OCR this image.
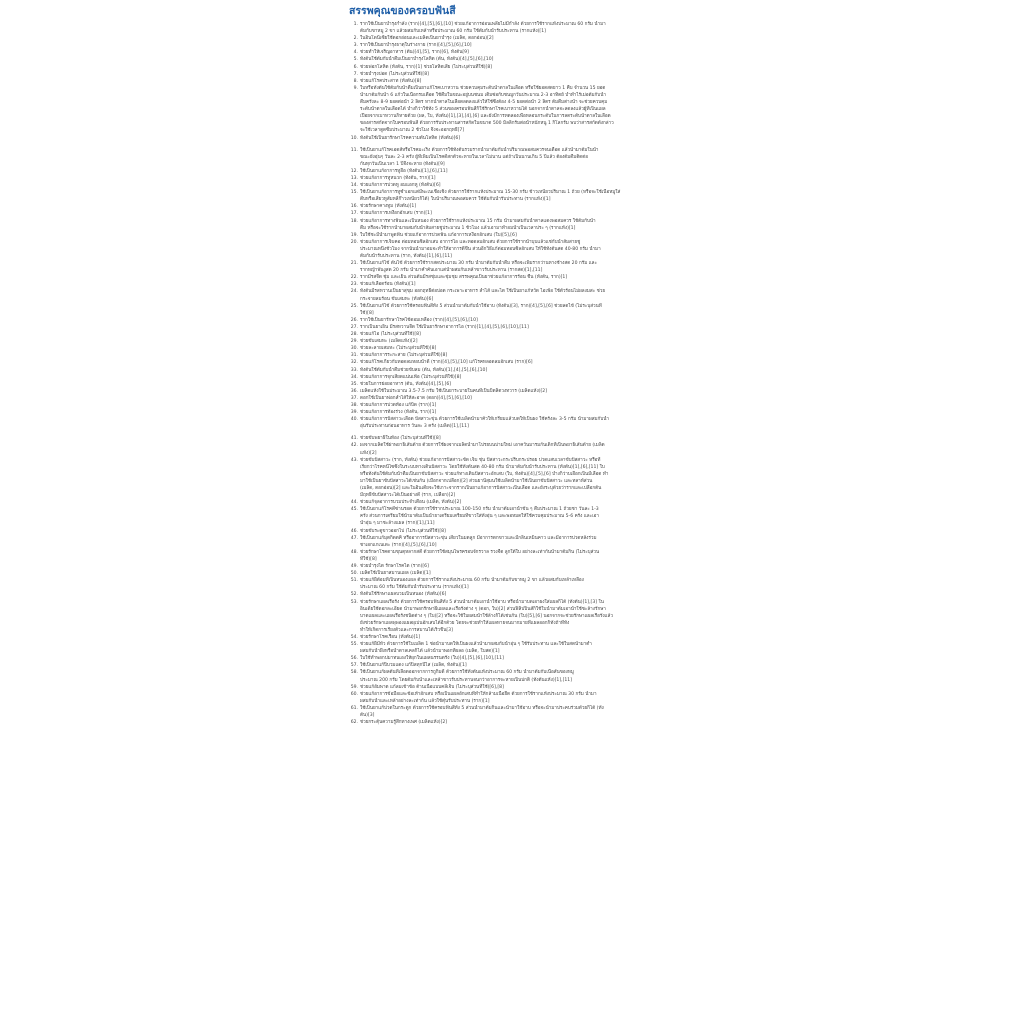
สรรพคุณของครอบฟันสี
1. รากใช้เป็นยาบำรุงกำลัง (ราก)[4],[5],[6],[10] ช่วยแก้อาการอ่อนเพลียไม่มีกำลัง ด้วยการใช้รากแห้งประมาณ 60 กรัม นำมา
ต้มกับขาหมู 2 ขา แล้วผสมกับเหล้าหรือประมาณ 60 กรัม ใช้ต้มกับน้ำรับประทาน (รากแห้ง)[1]
2. ในอินโดนีเซียใช้ดอกอ่อนและเมล็ดเป็นยาบำรุง (เมล็ด, ดอกอ่อน)[2]
3. รากใช้เป็นยาบำรุงธาตุในร่างกาย (ราก)[4],[5],[6],[10]
4. ช่วยทำให้เจริญอาหาร (ต้น)[4],[5], ราก)[6], ทั้งต้น[9]
5. ทั้งต้นใช้ต้มกับน้ำดื่มเป็นยาบำรุงโลหิต (ต้น, ทั้งต้น)[4],[5],[6],[10]
6. ช่วยฟอกโลหิต (ทั้งต้น, ราก)[1] ช่วยโลหิตเสีย (ไม่ระบุส่วนที่ใช้)[8]
7. ช่วยบำรุงปอด (ไม่ระบุส่วนที่ใช้)[8]
8. ช่วยแก้โรคประสาท (ทั้งต้น)[8]
9. ใบหรือทั้งต้นใช้ต้มกับน้ำดื่มเป็นยาแก้โรคเบาหวาน ช่วยควบคุมระดับน้ำตาลในเลือด หรือใช้ยอดสดยาว 1 คืบ จำนวน 15 ยอด
นำมาต้มกับน้ำ 6 แก้วในเนื้อกรมเดือด ใช้ดื่มในขณะอยู่บนชนม เติมซ่อกับชนมูกวันประมาณ 2-3 อาทิตย์ บำทำไร้เม่อต้มกับน้ำ
ดื่มครั้งละ 8-9 ยอดต่อน้ำ 2 ลิตร หากน้ำตาลในเลือดลดลงแล้วให้ใช้ซึ่งต้อง 4-5 ยอดต่อน้ำ 2 ลิตร ต้มดื่มต่างน้ำ จะช่วยควบคุม
ระดับน้ำตาลในเลือดได้ บำงก็ว่าใช้ทั้ง 5 ส่วนของครอบฟันสีก็ใช้รักษาโรคเบาหวานได้ นอกจากน้ำตาลจะลดลงแล้วผู้ที่เป็นแผล
เปื่อยจากเบาหวานก็หายด้วย (ผล, ใบ, ทั้งต้น)[1],[3],[4],[6] และยังมีการทดลองเพื่อหลอนกระดับในการลดระดับน้ำตาลในเลือด
ของสารสกัดจากใบครอบฟันสี ด้วยการรับประทานสารสกัดในขนาด 500 มิลลิกรัมต่อน้ำหนักหนู 1 กิโลกรัม พบว่าสารสกัดดังกล่าว
จะใช้เวลาดูดซึมประมาณ 2 ชั่วโมง จึงจะออกฤทธิ์[7]
10. ทั้งต้นใช้เป็นยารักษาโรคความดันโลหิต (ทั้งต้น)[6]
11. ใช้เป็นยาแก้โรคเอดส์หรือโรคมะเร็ง ด้วยการใช้ทั้งต้นรวมรากนำมาต้มกับน้ำปริมาณพอสมควรจนเดือด แล้วนำมาต้มในน้ำ
ขณะยังอุ่นๆ วันละ 2-3 ครั้ง ผู้ที่เพิ่มเป็นโรคดีสกตัวจะหายในเวลาไม่นาน แต่ถ้าเป็นนานเกิน 5 ปีแล้ว ต้องต้มดื่มติดต่อ
กันทุกวันเป็นเวลา 1 ปีจึงจะหาย (ทั้งต้น)[9]
12. ใช้เป็นยาแก้อาการหูอื้อ (ทั้งต้น)[1],[6],[11]
13. ช่วยแก้อาการหูหนวก (ทั้งต้น, ราก)[1]
14. ช่วยแก้อาการปวดหู อมแอกหู (ทั้งต้น)[6]
15. ใช้เป็นยาแก้อาการหูซ้ำเอกแต่มีพะเนเชื่อเชิง ด้วยการใช้รากแห้งประมาณ 15-30 กรัม ข้าวเหนียวปริมาณ 1 ถ้วย (หรือจะใช้เนื้อหมูใส่
ตีบหรือเสี้ยวหูสัมหลีก๊าวเหนียวก็ได้) ใบนำปริมาณพอสมควร ใช้ต้มกับน้ำรับประทาน (รากแห้ง)[1]
16. ช่วยรักษาคางทูม (ทั้งต้น)[1]
17. ช่วยแก้อาการเหงือกอักเสบ (ราก)[1]
18. ช่วยแก้อาการทางฟันและเป็นหนอง ด้วยการใช้รากแห้งประมาณ 15 กรัม นำมาผสมกับน้ำตาลแดงพอสมควร ใช้ต้มกับน้ำ
ดื่ม หรือจะใช้รากนำมาผสมกับน้ำส้มสายชูประมาณ 1 ชั่วโมง แล้วเอามาทำอมน้ำเป็นเวลาประ ๆ (รากแห้ง)[1]
19. ใบใช้ชะมีนำมาพูดฟัน ช่วยแก้อาการปวดฟัน แก้อาการเหงือกอักเสบ (ใบ)[5],[6]
20. ช่วยแก้อาการเจ็บคอ ต่อมทอนซิลอักเสบ อาการไอ และทอดลมอักเสบ ด้วยการใช้รากนำบุบแล้วแช่กับน้ำส้มสายชู
ประมาณหนึ่งชั่วโมง จากนั้นนำมาอมจะทำให้อาการดีขึ้น ส่วนอีกวิธีแก้ต่อมทอนซิลอักเสบ ให้ใช้ทั้งต้นสด 40-80 กรัม นำมา
ต้มกับน้ำรับประทาน (ราก, ทั้งต้น)[1],[6],[11]
21. ใช้เป็นยาแก้ไข้ ต้นไข้ ด้วยการใช้รากสดประมาณ 30 กรัม นำมาต้มกับน้ำดื่ม หรือจะเพิ่มรากว่านหางช้างสด 20 กรัม และ
รากหญ้าพันงูสด 20 กรัม นำมาคำคั้นเอาแต่น้ำผสมกับเหล้าขาวรับประทาน (รากสด)[1],[11]
22. รากมีรสจืด ชุ่ม และเย็น ส่วนต้นมีรสชุ่มและชุ่มชุม สรรพคุณเป็นยาช่วยแก้อาการร้อน ชื้น (ทั้งต้น, ราก)[1]
23. ช่วยแก้เลือดร้อน (ทั้งต้น)[1]
24. ทั้งต้นมีรสหวานเป็นยาสุขุม ออกฤทธิ์ต่อปอด กระเพาะอาหาร ลำไส้ และไต ใช้เป็นยาแก้หวัด ไอเฟ้อ ใช้ตัวร้อนไม่ผลงมสะ ช่วย
กระจายลมร้อน ขับเสมหะ (ทั้งต้น)[6]
25. ใช้เป็นยาแก้ไข้ ด้วยการใช้ครอบฟันสีทั้ง 5 ส่วนนำมาต้มกับน้ำใช้อาบ (ทั้งต้น)[3], ราก)[4],[5],[6] ช่วยลดไข้ (ไม่ระบุส่วนที่
ใช้)[8]
26. รากใช้เป็นยารักษาโรคไข้ดอมเหลือง (ราก)[4],[5],[6],[10]
27. รากเป็นยาเย็น มีรสหวานจืด ใช้เป็นยารักษาอาการไอ (ราก)[1],[4],[5],[6],[10],[11]
28. ช่วยแก้ไอ (ไม่ระบุส่วนที่ใช้)[8]
29. ช่วยขับเสมหะ (เมล็ดแห้ง)[2]
30. ช่วยละลายเสมหะ (ไม่ระบุส่วนที่ใช้)[8]
31. ช่วยแก้อาการระกะสาย (ไม่ระบุส่วนที่ใช้)[8]
32. ช่วยแก้โรคเกี่ยวกับทอดลมหอบน้ำดี (ราก)[4],[5],[10] แก้โรคหลอดลมอักเสบ (ราก)[6]
33. ทั้งต้นใช้ต้มกับน้ำดื่มช่วยขับลม (ต้น, ทั้งต้น)[1],[4],[5],[6],[10]
34. ช่วยแก้อาการจุกเสียดแน่นเฟ้อ (ไม่ระบุส่วนที่ใช้)[8]
35. ช่วยในการย่อยอาหาร (ต้น, ทั้งต้น)[4],[5],[6]
36. เมล็ดแห้งใช้ในประมาณ 3.5-7.5 กรัม ใช้เป็นยาระบายในคนที่เป็นบิดลิตวงทวาร (เมล็ดแห้ง)[2]
37. ดอกใช้เป็นยาฟอกลำไส้ให้สะอาด (ดอก)[4],[5],[6],[10]
38. ช่วยแก้อาการปวดท้อง แก้บิด (ราก)[1]
39. ช่วยแก้อาการท้องร่วง (ทั้งต้น, ราก)[1]
40. ช่วยแก้อาการปัสสาวะเลือด ปัสสาวะขุ่น ด้วยการใช้เมล็ดนำมาคั่วให้เกรียมแล้วบดให้เป็นผง ใช้ครั้งละ 3-5 กรัม นำมาผสมกับน้ำ
อุ่นรับประทานก่อนอาหาร วันละ 3 ครั้ง (เมล็ด)[1],[11]
41. ช่วยขับพยาธิในท้อง (ไม่ระบุส่วนที่ใช้)[8]
42. ผงจากเมล็ดใช้ผ่าพยาธิเส้นด้าย ด้วยการใช้ผงจากเมล็ดนำมาโปรยบนบ่ามใหม่ เอาควันมารมก้นเด็กที่เป็นพยาธิเส้นด้าย (เมล็ด
แห้ง)[2]
43. ช่วยขับปัสสาวะ (ราก, ทั้งต้น) ช่วยแก้อาการปัสสาวะขัด เจ็บ ชุ่น ปัสสาวะกระปริบกระปรอย ปวดแสบเวลาขับปัสสาวะ หรือที่
เรียกว่าโรคหนีไซซึ่งในระบบทางเดินปัสสาวะ โดยใช้ทั้งต้นสด 40-80 กรัม นำมาต้มกับน้ำรับประทาน (ทั้งต้น)[1],[6],[11] ใบ
หรือทั้งต้นใช้ต้มกับน้ำดื่มเป็นยาขับปัสสาวะ ช่วยแก้ทางเดินปัสสาวะอักเสบ (ใบ, ทั้งต้น)[4],[5],[6] บำงก็ว่าบเอื้อกเป็นมีเลือด ทำ
มาใช้เป็นยาขับปัสสาวะได้เช่นกัน (เมือกจากเปลือก)[2] ส่วนยานี้สุมนใช้เมล็ดนำมาใช้เป็นยาขับปัสสาวะ และทลาห์ส่วน
(เมล็ด, ดอกอ่อน)[2] และในอินเดียจะใช้เกาะจากรากเป็นยาแก้อาการปัสสาวะเป็นเลือด และยังระบุด้วยว่ารากและเปลือกต้น
มีฤทธิ์ขับปัสสาวะได้เป็นอย่างดี (ราก, เปลือก)[2]
44. ช่วยแก้จุลอาการบวมประจำเดือน (เมล็ด, ทั้งต้น)[2]
45. ใช้เป็นยาแก้โรคดีซ่านรอด ด้วยการใช้รากประมาณ 100-150 กรัม นำมาต้มเอาน้ำข้น ๆ ดื่มประมาณ 1 ถ้วยชา วันละ 1-3
ครั้ง ส่วนการเตรียมใช้นำมาต้มเป็นน้ำยาเตรียมเตรียมที่ขาวใส่ทั้งอุ่น ๆ และพอหมดให้ใช้ควบคุมประมาณ 5-6 ครั้ง และเอา
น้ำอุ่น ๆ มาชะล้างแผล (ราก)[1],[11]
46. ช่วยขับระดูขาวออกไป (ไม่ระบุส่วนที่ใช้)[8]
47. ใช้เป็นยาแก้มุตกิดตคิ หรืออาการปัสสาวะขุ่น เสียวในมดลูก มีอาการตกขาวและมีกลิ่นเหม็นคาว และมีอาการปวดหลังร่วม
ชาเอกแกเนเดะ (ราก)[4],[5],[6],[10]
48. ช่วยรักษาโรคตามขุนตุหลากสตี ด้วยการใช้สมุนไพรครอบจักรวาล รวงจืด ลูกใต้ใบ อย่างละเท่ากันนำมาต้มกิน (ไม่ระบุส่วน
ที่ใช้)[8]
49. ช่วยบำรุงไต รักษาโรคไต (ราก)[6]
50. เมล็ดใช้เป็นยาสมานแผล (เมล็ด)[1]
51. ช่วยแก้ฝีต้อมที่เป็นหนองแผล ด้วยการใช้รากแห้งประมาณ 60 กรัม นำมาต้มกับขาหมู 2 ขา แล้วผสมกับเหล้าเหลือง
ประมาณ 60 กรัม ใช้ต้มกับน้ำรับประทาน (รากแห้ง)[1]
52. ทั้งต้นใช้รักษาแผลบวมเป็นหนอง (ทั้งต้น)[6]
53. ช่วยรักษาแผลเรื้อรัง ด้วยการใช้ครอบฟันสีทั้ง 5 ส่วนนำมาต้มเอาน้ำใช้อาบ หรือนำมาบดเอาผงใส่แผลก็ได้ (ทั้งต้น)[1],[3] ใน
อินเดียใช้ดอกละเอียด นำมาพอกรักษาฝีแผลและเรื้อรังต่าง ๆ (ดอก, ใบ)[2] ส่วนฟิลิปปินส์ก็ใช้ใบนำมาต้มเอาน้ำใช้ชะล้างรักษา
บาดแผลและแผลเรื้อรังชนิดต่าง ๆ (ใบ)[2] หรือจะใช้ใบผสมน้ำใช้ล้างก็ได้เช่นกัน (ใบ)[5],[6] นอกจากจะช่วยรักษาแผลเรื้อรังแล้ว
ยังช่วยรักษาแผลพุพองแผลผุเปนอักเสบได้อีกด้วย โดยจะช่วยทำให้แผลหายจนมากมายที่แผลออกก็ทั้งถ้าที่ทั้ง
ทำให้เกิดการเรียงตัวและการสมานได้เร็วขึ้น[3]
54. ช่วยรักษาโรคเรื้อน (ทั้งต้น)[1]
55. ช่วยแก้ฝีมีหัว ด้วยการใช้ใบเมล็ด 1 ช่อนำมาบดให้เป็นผงแล้วนำมาผสมกับน้ำอุ่น ๆ ใช้รับประทาน และใช้ใบสดนำมาตำ
ผสมกับน้ำผึ้งหรือน้ำตาลเคลก็ได้ แล้วนำมาพอกที่ผลอ (เมล็ด, ใบสด)[1]
56. ใบใช้ทำพอกปมาทนเองให้ผุกในแผลนรรนตรั้ง (ใบ)[4],[5],[6],[10],[11]
57. ใช้เป็นยาแก้ปิบวมแดง แก้ปิลทุกปีไส (เมล็ด, ทั้งต้น)[1]
58. ใช้เป็นยาแก้ผลต้นที่เลือดออกจากการถูกิมดี ด้วยการใช้ทั้งต้นแห้งประมาณ 60 กรัม นำมาต้มกับเนื้อสันของหมู
ประมาณ 200 กรัม โดยต้มกับน้ำและเหล้าขาวรับประทานจนกว่าอาการจะหายเป็นปกติ (ทั้งต้นแห้ง)[1],[11]
59. ช่วยแก้อัมพาต แก้ลมเข้าข้อ ด้านเนื้อแบบคลีเจ็บ (ไม่ระบุส่วนที่ใช้)[6],[8]
60. ช่วยแก้อาการข้อมือและข้อเท้าอักเสบ หรือเป็นแผลอักเสบที่ทำให้กล้ามเนื้อยืด ด้วยการใช้รากแห้งประมาณ 30 กรัม นำมา
ผสมกับน้ำและเหล้าอย่างละเท่ากัน แล้วใช้ตุ๋นรับประทาน (ราก)[1]
61. ใช้เป็นยาแก้ปวดในกระดูก ด้วยการใช้ครอบฟันสีทั้ง 5 ส่วนนำมาต้มกินและนำมาใช้อาบ หรือจะนำมาประคบร่วมด้วยก็ได้ (ทั้ง
ต้น)[3]
62. ช่วยกระตุ้นความรู้สึกทางเพศ (เมล็ดแห้ง)[2]
